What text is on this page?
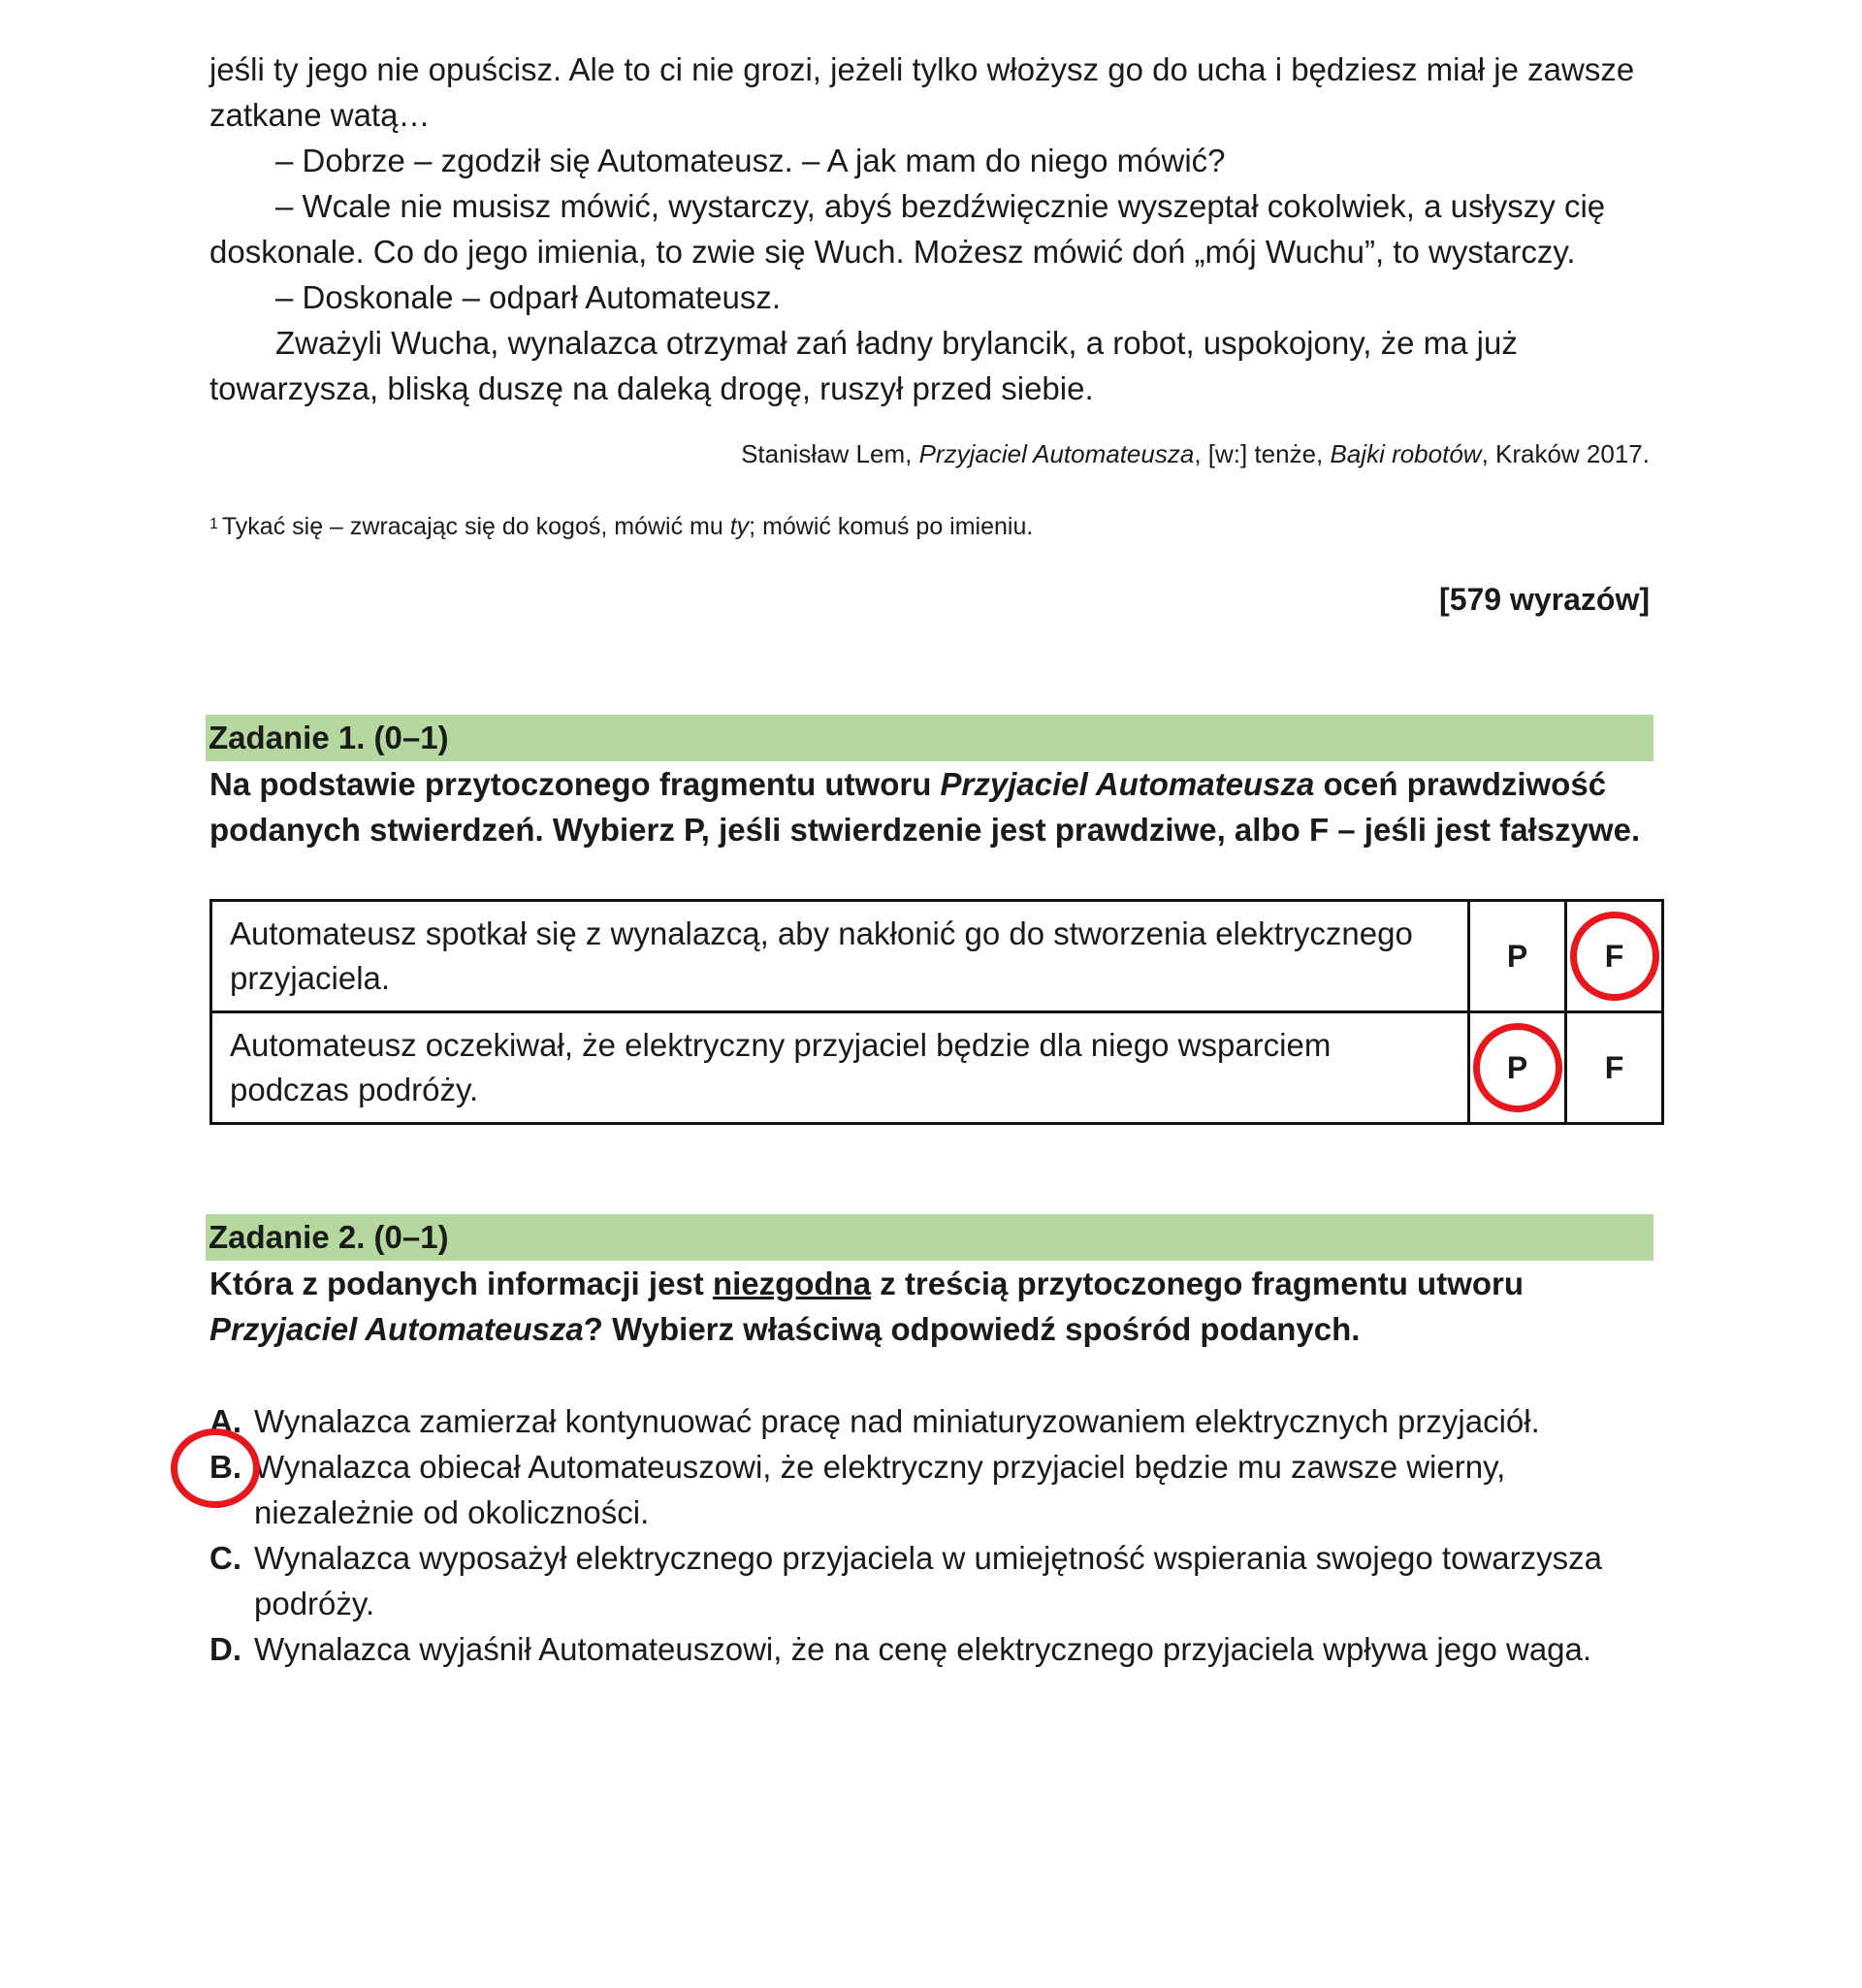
jeśli ty jego nie opuścisz. Ale to ci nie grozi, jeżeli tylko włożysz go do ucha i będziesz miał je zawsze zatkane watą…

– Dobrze – zgodził się Automateusz. – A jak mam do niego mówić?

– Wcale nie musisz mówić, wystarczy, abyś bezdźwięcznie wyszeptał cokolwiek, a usłyszy cię doskonale. Co do jego imienia, to zwie się Wuch. Możesz mówić doń „mój Wuchu”, to wystarczy.

– Doskonale – odparł Automateusz.

Zważyli Wucha, wynalazca otrzymał zań ładny brylancik, a robot, uspokojony, że ma już towarzysza, bliską duszę na daleką drogę, ruszył przed siebie.

Stanisław Lem, Przyjaciel Automateusza, [w:] tenże, Bajki robotów, Kraków 2017.
$^1$ Tykać się – zwracając się do kogoś, mówić mu ty; mówić komuś po imieniu.
[579 wyrazów]
Zadanie 1. (0–1)

Na podstawie przytoczonego fragmentu utworu Przyjaciel Automateusza oceń prawdziwość podanych stwierdzeń. Wybierz P, jeśli stwierdzenie jest prawdziwe, albo F – jeśli jest fałszywe.

Automateusz spotkał się z wynalazcą, aby nakłonić go do stworzenia elektrycznego przyjaciela.	P	F

Automateusz oczekiwał, że elektryczny przyjaciel będzie dla niego wsparciem podczas podróży.	P	F
Zadanie 2. (0–1)

Która z podanych informacji jest niezgodna z treścią przytoczonego fragmentu utworu Przyjaciel Automateusza? Wybierz właściwą odpowiedź spośród podanych.

A. Wynalazca zamierzał kontynuować pracę nad miniaturyzowaniem elektrycznych przyjaciół.
B. Wynalazca obiecał Automateuszowi, że elektryczny przyjaciel będzie mu zawsze wierny, niezależnie od okoliczności.
C. Wynalazca wyposażył elektrycznego przyjaciela w umiejętność wspierania swojego towarzysza podróży.
D. Wynalazca wyjaśnił Automateuszowi, że na cenę elektrycznego przyjaciela wpływa jego waga.
